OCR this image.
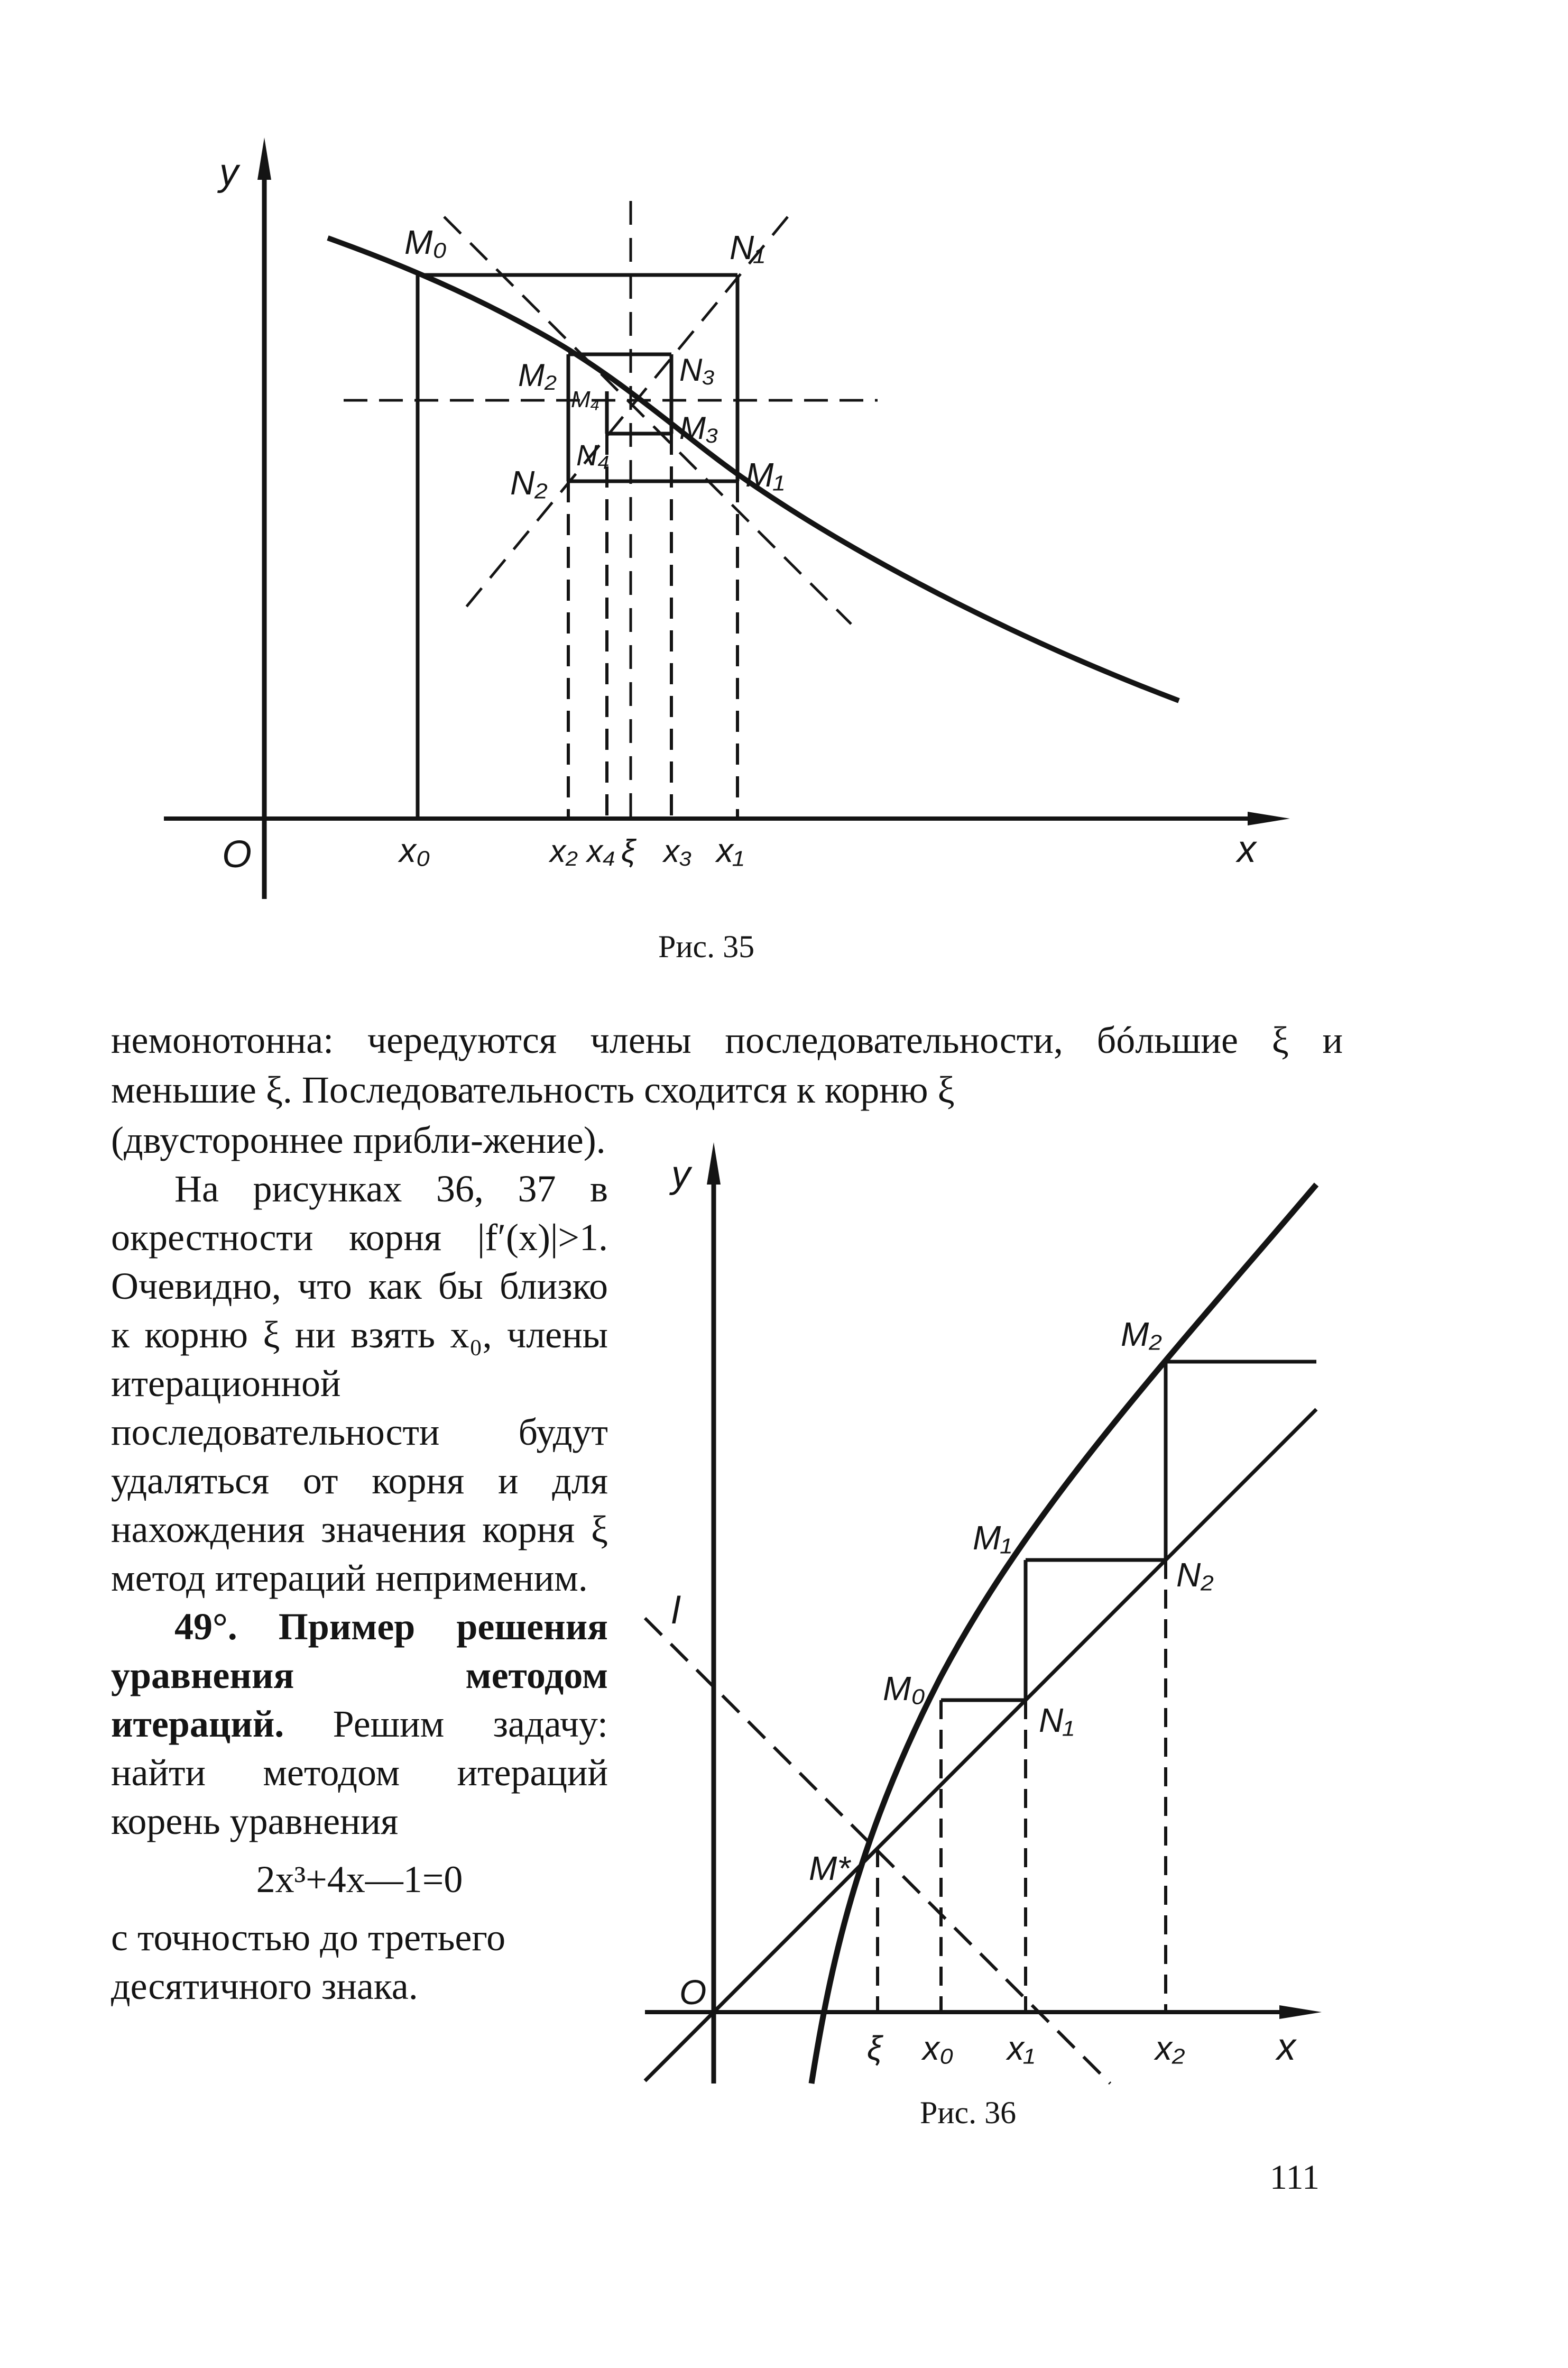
y
O	x
M₀	N₁
M₂
M₄
N₃
M₃
N₄
M₁
N₂
x₀	x₂ x₄ ξ x₃ x₁
Рис. 35

немонотонна: чередуются члены последовательности, бóльшие ξ и меньшие ξ. Последовательность сходится к корню ξ

(двустороннее прибли-жение).

На рисунках 36, 37 в окрестности корня |f′(x)|>1. Очевидно, что как бы близко к корню ξ ни взять x₀, члены итерационной последовательности будут удаляться от корня и для нахождения значения корня ξ метод итераций неприменим.

49°. Пример решения уравнения методом итераций. Решим задачу: найти методом итераций корень уравнения

2x³+4x—1=0

с точностью до третьего десятичного знака.

y
O
x
l
M₀
N₁
M₁
N₂
M₂
M*
ξ x₀ x₁	x₂
Рис. 36
111
